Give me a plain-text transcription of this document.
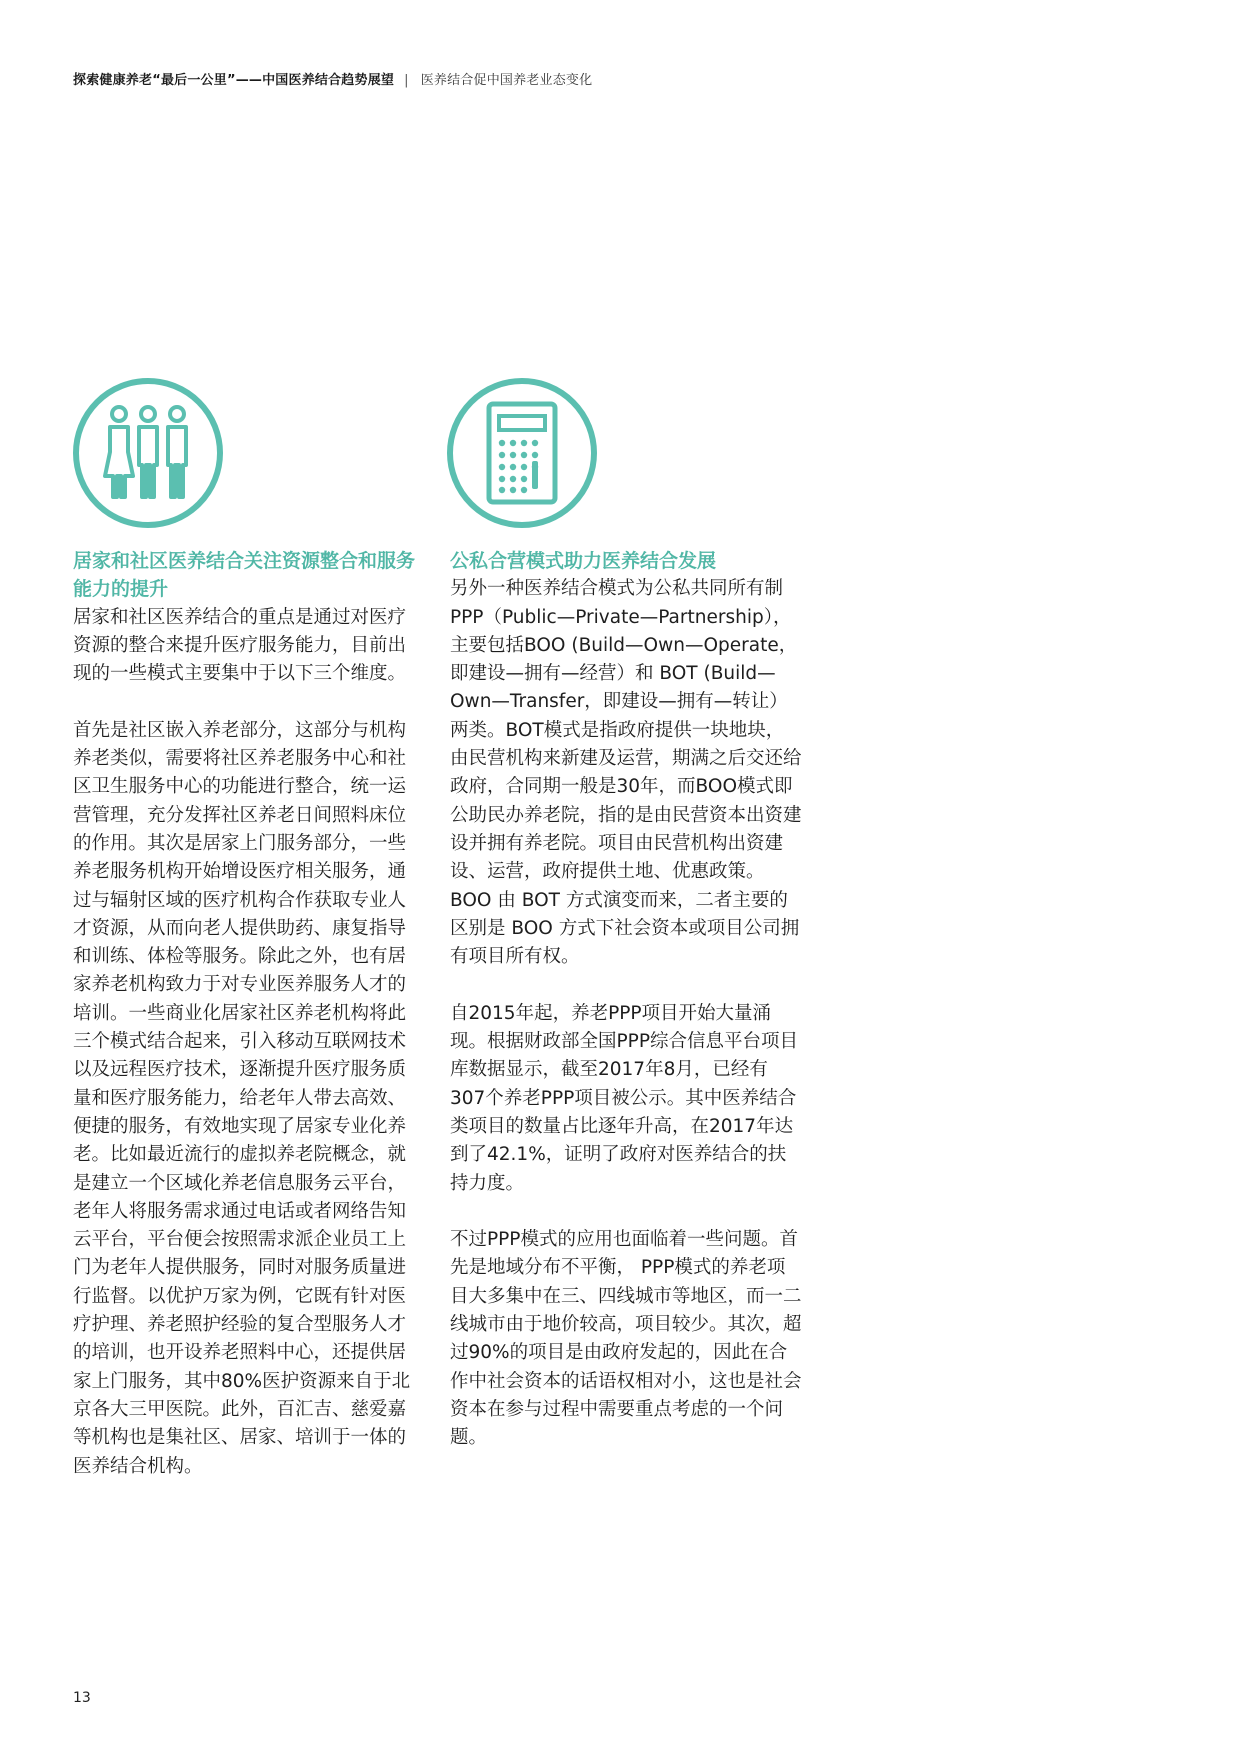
探索健康养老“最后一公里”——中国医养结合趋势展望 | 医养结合促中国养老业态变化
居家和社区医养结合关注资源整合和服务能力的提升

居家和社区医养结合的重点是通过对医疗资源的整合来提升医疗服务能力，目前出现的一些模式主要集中于以下三个维度。

首先是社区嵌入养老部分，这部分与机构养老类似，需要将社区养老服务中心和社区卫生服务中心的功能进行整合，统一运营管理，充分发挥社区养老日间照料床位的作用。其次是居家上门服务部分，一些养老服务机构开始增设医疗相关服务，通过与辐射区域的医疗机构合作获取专业人才资源，从而向老人提供助药、康复指导和训练、体检等服务。除此之外，也有居家养老机构致力于对专业医养服务人才的培训。一些商业化居家社区养老机构将此三个模式结合起来，引入移动互联网技术以及远程医疗技术，逐渐提升医疗服务质量和医疗服务能力，给老年人带去高效、便捷的服务，有效地实现了居家专业化养老。比如最近流行的虚拟养老院概念，就是建立一个区域化养老信息服务云平台，老年人将服务需求通过电话或者网络告知云平台，平台便会按照需求派企业员工上门为老年人提供服务，同时对服务质量进行监督。以优护万家为例，它既有针对医疗护理、养老照护经验的复合型服务人才的培训，也开设养老照料中心，还提供居家上门服务，其中80%医护资源来自于北京各大三甲医院。此外，百汇吉、慈爱嘉等机构也是集社区、居家、培训于一体的医养结合机构。

公私合营模式助力医养结合发展

另外一种医养结合模式为公私共同所有制PPP（Public—Private—Partnership），主要包括BOO (Build—Own—Operate，即建设—拥有—经营）和 BOT (Build—Own—Transfer，即建设—拥有—转让）两类。BOT模式是指政府提供一块地块，由民营机构来新建及运营，期满之后交还给政府，合同期一般是30年，而BOO模式即公助民办养老院，指的是由民营资本出资建设并拥有养老院。项目由民营机构出资建设、运营，政府提供土地、优惠政策。BOO 由 BOT 方式演变而来，二者主要的区别是 BOO 方式下社会资本或项目公司拥有项目所有权。

自2015年起，养老PPP项目开始大量涌现。根据财政部全国PPP综合信息平台项目库数据显示，截至2017年8月，已经有307个养老PPP项目被公示。其中医养结合类项目的数量占比逐年升高，在2017年达到了42.1%，证明了政府对医养结合的扶持力度。

不过PPP模式的应用也面临着一些问题。首先是地域分布不平衡， PPP模式的养老项目大多集中在三、四线城市等地区，而一二线城市由于地价较高，项目较少。其次，超过90%的项目是由政府发起的，因此在合作中社会资本的话语权相对小，这也是社会资本在参与过程中需要重点考虑的一个问题。

13
